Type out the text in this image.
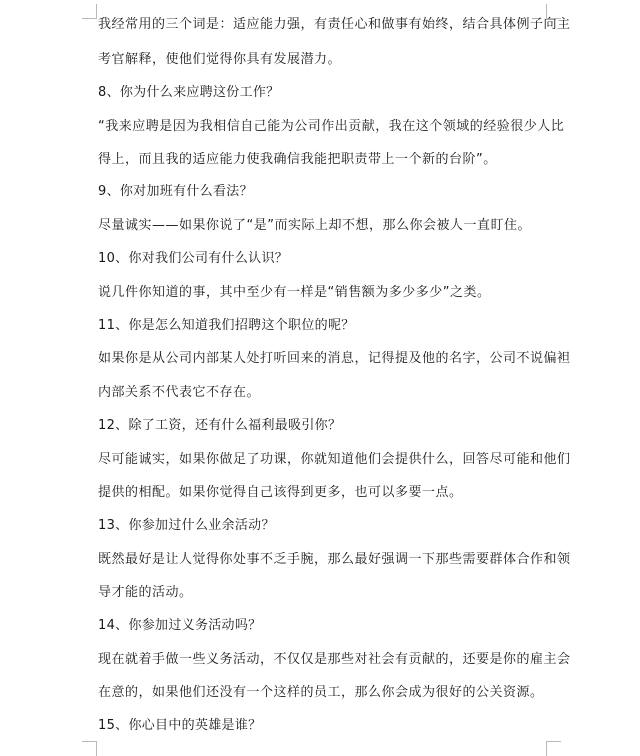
我经常用的三个词是：适应能力强，有责任心和做事有始终，结合具体例子向主
考官解释，使他们觉得你具有发展潜力。
8、你为什么来应聘这份工作？
“我来应聘是因为我相信自己能为公司作出贡献，我在这个领域的经验很少人比
得上，而且我的适应能力使我确信我能把职责带上一个新的台阶”。
9、你对加班有什么看法？
尽量诚实——如果你说了“是”而实际上却不想，那么你会被人一直盯住。
10、你对我们公司有什么认识？
说几件你知道的事，其中至少有一样是“销售额为多少多少”之类。
11、你是怎么知道我们招聘这个职位的呢？
如果你是从公司内部某人处打听回来的消息，记得提及他的名字，公司不说偏袒
内部关系不代表它不存在。
12、除了工资，还有什么福利最吸引你？
尽可能诚实，如果你做足了功课，你就知道他们会提供什么，回答尽可能和他们
提供的相配。如果你觉得自己该得到更多，也可以多要一点。
13、你参加过什么业余活动？
既然最好是让人觉得你处事不乏手腕，那么最好强调一下那些需要群体合作和领
导才能的活动。
14、你参加过义务活动吗？
现在就着手做一些义务活动，不仅仅是那些对社会有贡献的，还要是你的雇主会
在意的，如果他们还没有一个这样的员工，那么你会成为很好的公关资源。
15、你心目中的英雄是谁？
